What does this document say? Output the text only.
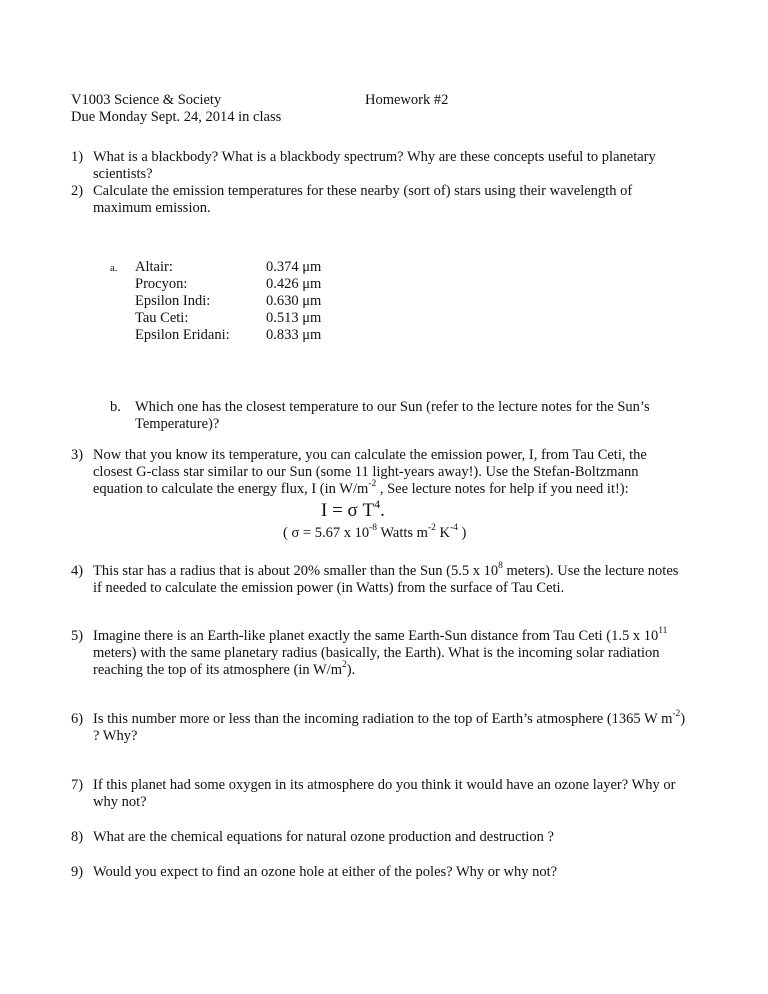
V1003 Science & Society	Homework #2
Due Monday Sept. 24, 2014 in class
1) What is a blackbody? What is a blackbody spectrum? Why are these concepts useful to planetary scientists?
2) Calculate the emission temperatures for these nearby (sort of) stars using their wavelength of maximum emission.
a. Altair:	0.374 μm
Procyon:	0.426 μm
Epsilon Indi:	0.630 μm
Tau Ceti:	0.513 μm
Epsilon Eridani:	0.833 μm
b. Which one has the closest temperature to our Sun (refer to the lecture notes for the Sun’s Temperature)?
3) Now that you know its temperature, you can calculate the emission power, I, from Tau Ceti, the closest G-class star similar to our Sun (some 11 light-years away!). Use the Stefan-Boltzmann equation to calculate the energy flux, I (in $W/m^{-2}$ , See lecture notes for help if you need it!):
I = σ $T^4$.
( σ = 5.67 x $10^{-8}$ Watts $m^{-2}$ $K^{-4}$ )
4) This star has a radius that is about 20% smaller than the Sun (5.5 x $10^8$ meters). Use the lecture notes if needed to calculate the emission power (in Watts) from the surface of Tau Ceti.
5) Imagine there is an Earth-like planet exactly the same Earth-Sun distance from Tau Ceti (1.5 x $10^{11}$ meters) with the same planetary radius (basically, the Earth). What is the incoming solar radiation reaching the top of its atmosphere (in $W/m^2$).
6) Is this number more or less than the incoming radiation to the top of Earth’s atmosphere (1365 W $m^{-2}$) ? Why?
7) If this planet had some oxygen in its atmosphere do you think it would have an ozone layer? Why or why not?
8) What are the chemical equations for natural ozone production and destruction ?
9) Would you expect to find an ozone hole at either of the poles? Why or why not?
